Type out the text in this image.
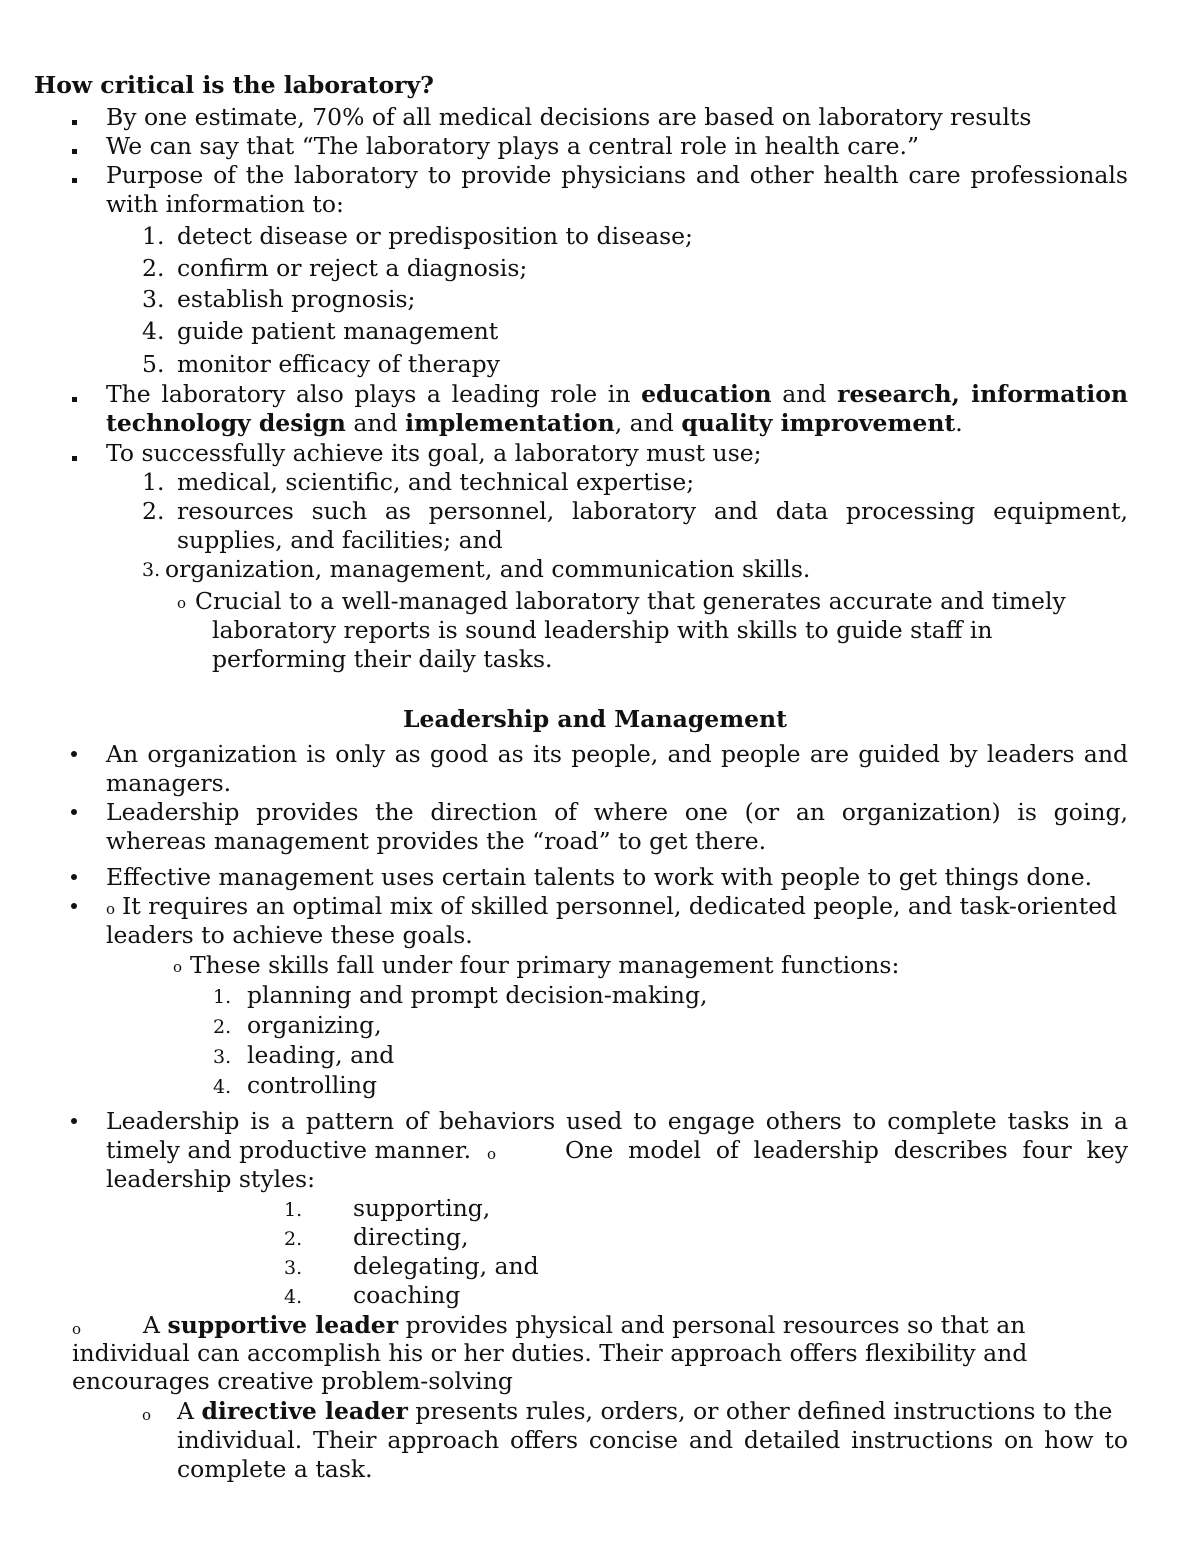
How critical is the laboratory?
By one estimate, 70% of all medical decisions are based on laboratory results
We can say that “The laboratory plays a central role in health care.”
Purpose of the laboratory to provide physicians and other health care professionals
with information to:
1. detect disease or predisposition to disease;
2. confirm or reject a diagnosis;
3. establish prognosis;
4. guide patient management
5. monitor efficacy of therapy
The laboratory also plays a leading role in education and research, information
technology design and implementation, and quality improvement.
To successfully achieve its goal, a laboratory must use;
1. medical, scientific, and technical expertise;
2. resources such as personnel, laboratory and data processing equipment,
supplies, and facilities; and
3. organization, management, and communication skills.
o Crucial to a well-managed laboratory that generates accurate and timely
laboratory reports is sound leadership with skills to guide staff in
performing their daily tasks.
Leadership and Management
An organization is only as good as its people, and people are guided by leaders and
managers.
Leadership provides the direction of where one (or an organization) is going,
whereas management provides the “road” to get there.
Effective management uses certain talents to work with people to get things done.
o It requires an optimal mix of skilled personnel, dedicated people, and task-oriented
leaders to achieve these goals.
o These skills fall under four primary management functions:
1. planning and prompt decision-making,
2. organizing,
3. leading, and
4. controlling
Leadership is a pattern of behaviors used to engage others to complete tasks in a
timely and productive manner. o	One model of leadership describes four key
leadership styles:
1. supporting,
2. directing,
3. delegating, and
4. coaching
o	A supportive leader provides physical and personal resources so that an
individual can accomplish his or her duties. Their approach offers flexibility and
encourages creative problem-solving
o A directive leader presents rules, orders, or other defined instructions to the
individual. Their approach offers concise and detailed instructions on how to
complete a task.
